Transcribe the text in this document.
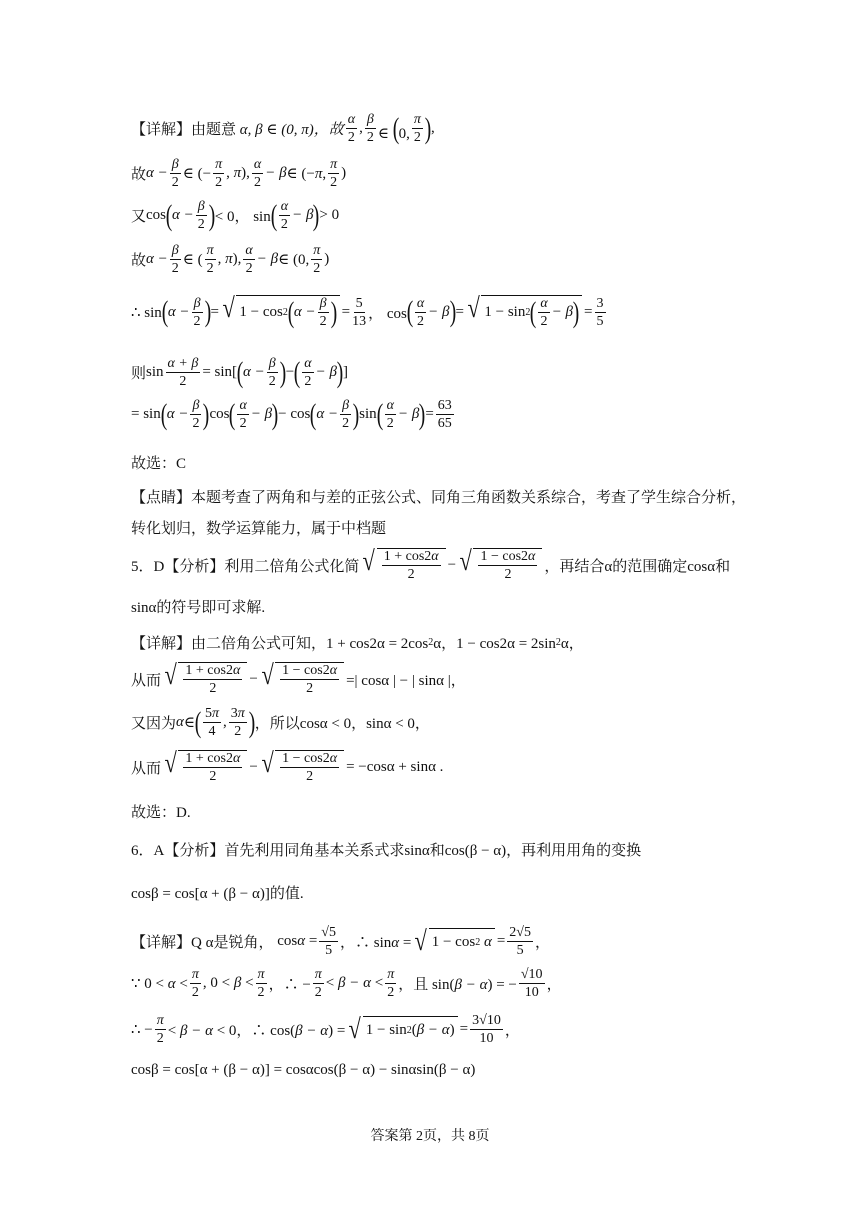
【详解】由题意 α, β ∈ (0, π)，故 $\frac{\alpha}{2}$ , $\frac{\beta}{2}$ ∈ (0, $\frac{\pi}{2}$ ) ,
故 $\alpha - \frac{\beta}{2}$ ∈ (− $\frac{\pi}{2}$ , π), $\frac{\alpha}{2} - \beta$ ∈ (−π, $\frac{\pi}{2}$ )
又 cos ( $\alpha - \frac{\beta}{2}$ ) < 0， sin ( $\frac{\alpha}{2} - \beta$ ) > 0
故 $\alpha - \frac{\beta}{2}$ ∈ ( $\frac{\pi}{2}$ , π), $\frac{\alpha}{2} - \beta$ ∈ (0, $\frac{\pi}{2}$ )
∴ sin ( $\alpha - \frac{\beta}{2}$ ) = √ 1 − cos 2 ( $\alpha - \frac{\beta}{2}$ ) = $\frac{5}{13}$ ， cos ( $\frac{\alpha}{2} - \beta$ ) = √ 1 − sin 2 ( $\frac{\alpha}{2} - \beta$ ) = $\frac{3}{5}$
则 $\sin \frac{\alpha + \beta}{2} = \sin$[ ( $\alpha - \frac{\beta}{2}$ ) − ( $\frac{\alpha}{2} - \beta$ ) ]
= sin ( $\alpha - \frac{\beta}{2}$ ) cos ( $\frac{\alpha}{2} - \beta$ ) − cos ( $\alpha - \frac{\beta}{2}$ ) sin ( $\frac{\alpha}{2} - \beta$ ) = $\frac{63}{65}$
故选：C
【点睛】本题考查了两角和与差的正弦公式、同角三角函数关系综合，考查了学生综合分析，
转化划归，数学运算能力，属于中档题
5．D【分析】利用二倍角公式化简 √ $\frac{1 + \cos 2\alpha}{2}$ − √ $\frac{1 - \cos 2\alpha}{2}$ ，再结合α的范围确定cosα和
sinα的符号即可求解.
【详解】由二倍角公式可知，1 + cos2α = 2cos 2 α，1 − cos2α = 2sin 2 α，
从而 √ $\frac{1 + \cos 2\alpha}{2}$ − √ $\frac{1 - \cos 2\alpha}{2}$ =| cosα | − | sinα |，
又因为 α ∈ ( $\frac{5\pi}{4}$ , $\frac{3\pi}{2}$ ) ，所以cosα < 0，sinα < 0，
从而 √ $\frac{1 + \cos 2\alpha}{2}$ − √ $\frac{1 - \cos 2\alpha}{2} = -\cos\alpha + \sin\alpha$ .
故选：D.
6．A【分析】首先利用同角基本关系式求sinα和cos(β − α)，再利用用角的变换
cosβ = cos[α + (β − α)]的值.
【详解】Q α是锐角， $\cos\alpha = \frac{√5}{5}$ ，∴ sinα = √ 1 − cos 2
$\alpha = \frac{2√5}{5}$ ，
∵ $0 < \alpha < \frac{\pi}{2}$ , $0 < \beta < \frac{\pi}{2}$ ，∴ − $\frac{\pi}{2} < \beta - \alpha < \frac{\pi}{2}$ ，且 sin(β − α) = − $\frac{√10}{10}$ ，
∴ − $\frac{\pi}{2} < \beta - \alpha < 0$，∴ cos(β − α) = √ 1 − sin 2 ( β − α ) = $\frac{3√10}{10}$ ，
cosβ = cos[α + (β − α)] = cosαcos(β − α) − sinαsin(β − α)
答案第 2页，共 8页
